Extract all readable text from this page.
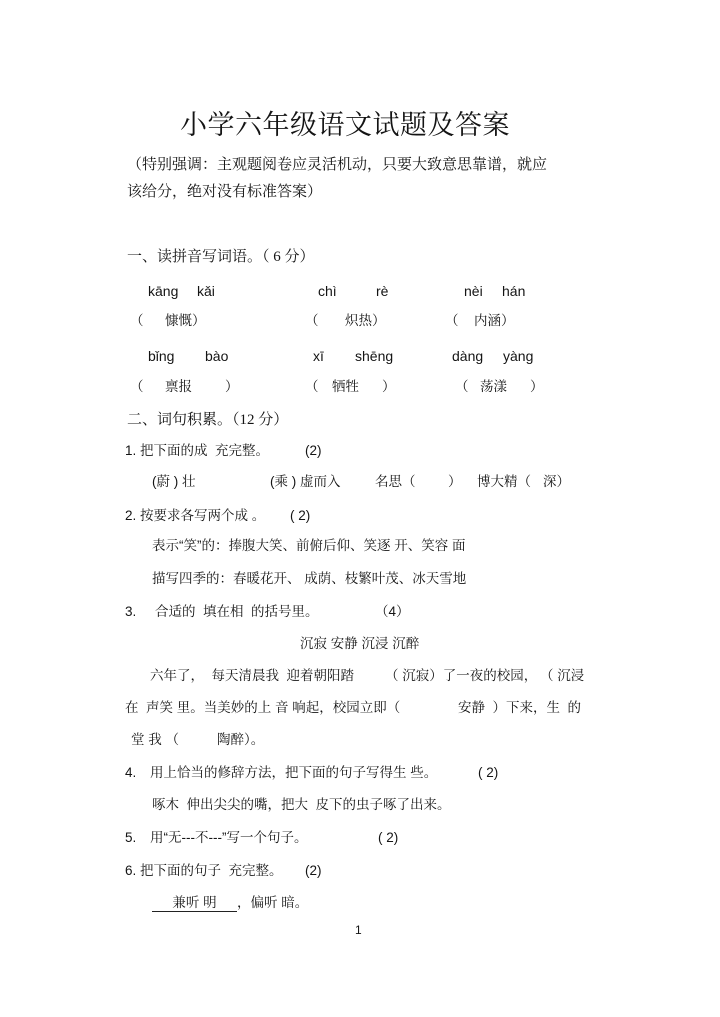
小学六年级语文试题及答案
（特别强调：主观题阅卷应灵活机动，只要大致意思靠谱，就应
该给分，绝对没有标准答案）
一、读拼音写词语。（ 6 分）
kāng kǎi	chì	rè	nèi hán
（ 慷慨）	（ 炽热）	（ 内涵）
bǐng bào	xī shēng	dàng yàng
（ 禀报 ）	（ 牺牲 ）	（ 荡漾 ）
二、词句积累。（12 分）
1. 把下面的成  充完整。	(2)
(蔚 ) 壮	(乘 ) 虚而入	名思（ ） 博大精（ 深）
2. 按要求各写两个成 。 ( 2)
表示“笑”的：捧腹大笑、前俯后仰、笑逐 开、笑容 面
描写四季的：春暖花开、 成荫、枝繁叶茂、冰天雪地
3. 合适的  填在相  的括号里。	（4）
沉寂 安静 沉浸 沉醉
六年了，  每天清晨我  迎着朝阳踏 （ 沉寂）了一夜的校园， （ 沉浸
在  声笑 里。当美妙的上 音 响起，校园立即（	安静  ）下来，生  的
堂 我 （	陶醉）。
4. 用上恰当的修辞方法，把下面的句子写得生 些。	( 2)
啄木  伸出尖尖的嘴，把大  皮下的虫子啄了出来。
5. 用“无---不---”写一个句子。	( 2)
6. 把下面的句子  充完整。 (2)
兼听 明 ，偏听 暗。
1
